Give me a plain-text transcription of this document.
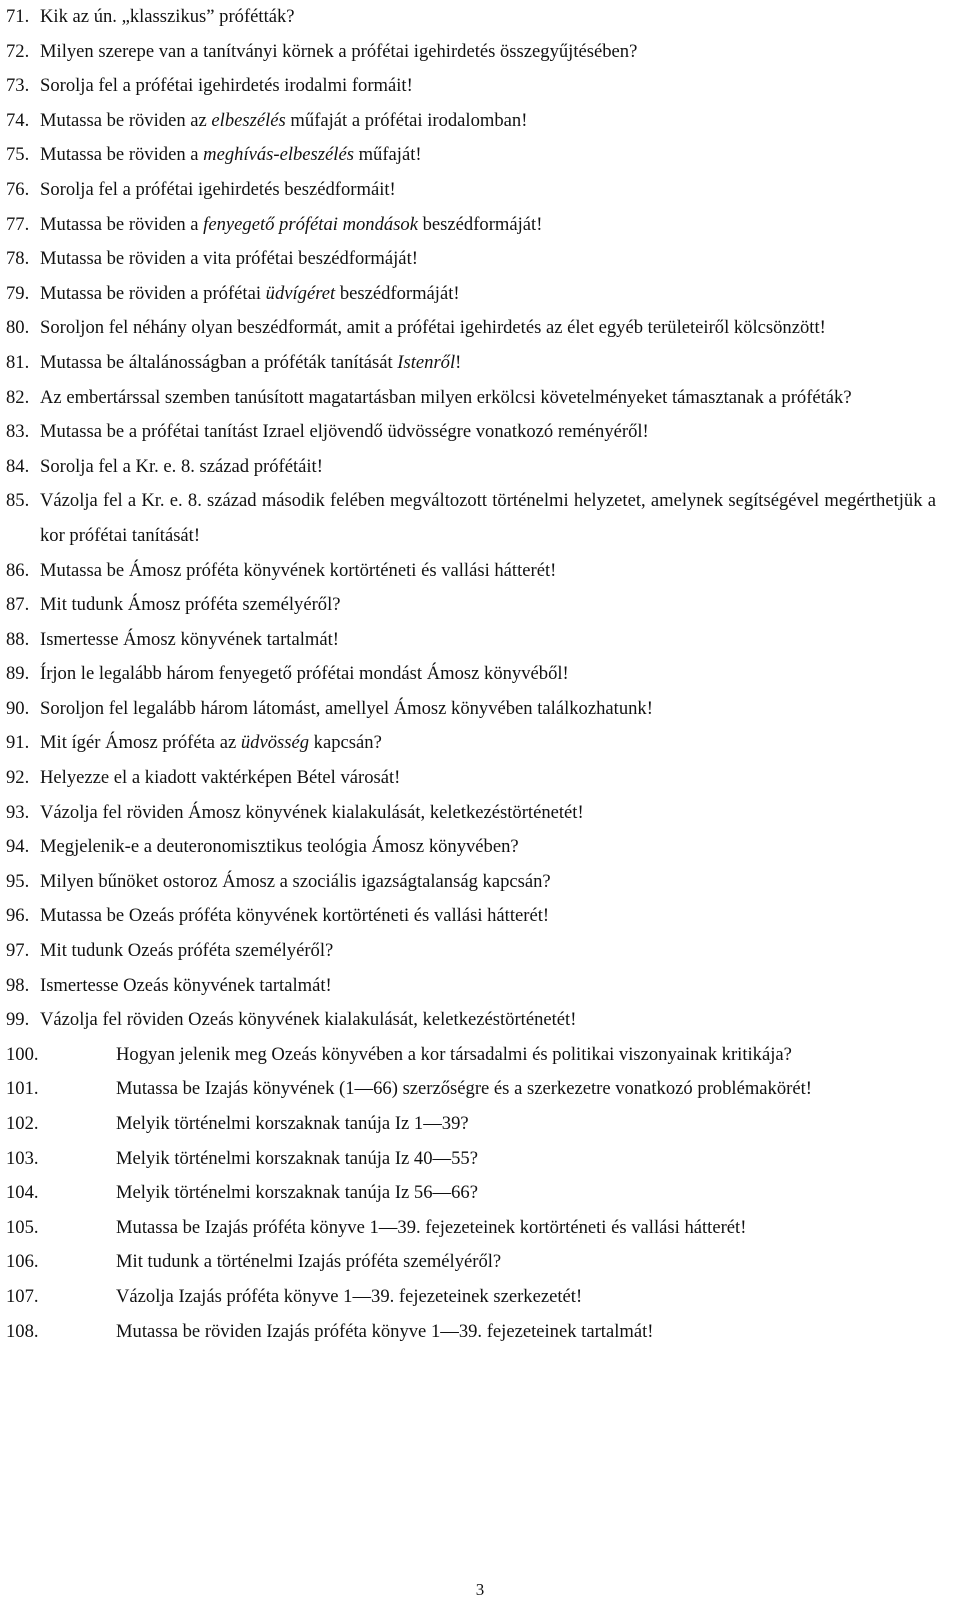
71. Kik az ún. „klasszikus” prófétták?
72. Milyen szerepe van a tanítványi körnek a prófétai igehirdetés összegyűjtésében?
73. Sorolja fel a prófétai igehirdetés irodalmi formáit!
74. Mutassa be röviden az elbeszélés műfaját a prófétai irodalomban!
75. Mutassa be röviden a meghívás-elbeszélés műfaját!
76. Sorolja fel a prófétai igehirdetés beszédformáit!
77. Mutassa be röviden a fenyegető prófétai mondások beszédformáját!
78. Mutassa be röviden a vita prófétai beszédformáját!
79. Mutassa be röviden a prófétai üdvígéret beszédformáját!
80. Soroljon fel néhány olyan beszédformát, amit a prófétai igehirdetés az élet egyéb területeiről kölcsönzött!
81. Mutassa be általánosságban a próféták tanítását Istenről!
82. Az embertárssal szemben tanúsított magatartásban milyen erkölcsi követelményeket támasztanak a próféták?
83. Mutassa be a prófétai tanítást Izrael eljövendő üdvösségre vonatkozó reményéről!
84. Sorolja fel a Kr. e. 8. század prófétáit!
85. Vázolja fel a Kr. e. 8. század második felében megváltozott történelmi helyzetet, amelynek segítségével megérthetjük a kor prófétai tanítását!
86. Mutassa be Ámosz próféta könyvének kortörténeti és vallási hátterét!
87. Mit tudunk Ámosz próféta személyéről?
88. Ismertesse Ámosz könyvének tartalmát!
89. Írjon le legalább három fenyegető prófétai mondást Ámosz könyvéből!
90. Soroljon fel legalább három látomást, amellyel Ámosz könyvében találkozhatunk!
91. Mit ígér Ámosz próféta az üdvösség kapcsán?
92. Helyezze el a kiadott vaktérképen Bétel városát!
93. Vázolja fel röviden Ámosz könyvének kialakulását, keletkezéstörténetét!
94. Megjelenik-e a deuteronomisztikus teológia Ámosz könyvében?
95. Milyen bűnöket ostoroz Ámosz a szociális igazságtalanság kapcsán?
96. Mutassa be Ozeás próféta könyvének kortörténeti és vallási hátterét!
97. Mit tudunk Ozeás próféta személyéről?
98. Ismertesse Ozeás könyvének tartalmát!
99. Vázolja fel röviden Ozeás könyvének kialakulását, keletkezéstörténetét!
100.	Hogyan jelenik meg Ozeás könyvében a kor társadalmi és politikai viszonyainak kritikája?
101.	Mutassa be Izajás könyvének (1—66) szerzőségre és a szerkezetre vonatkozó problémakörét!
102.	Melyik történelmi korszaknak tanúja Iz 1—39?
103.	Melyik történelmi korszaknak tanúja Iz 40—55?
104.	Melyik történelmi korszaknak tanúja Iz 56—66?
105.	Mutassa be Izajás próféta könyve 1—39. fejezeteinek kortörténeti és vallási hátterét!
106.	Mit tudunk a történelmi Izajás próféta személyéről?
107.	Vázolja Izajás próféta könyve 1—39. fejezeteinek szerkezetét!
108.	Mutassa be röviden Izajás próféta könyve 1—39. fejezeteinek tartalmát!
3
